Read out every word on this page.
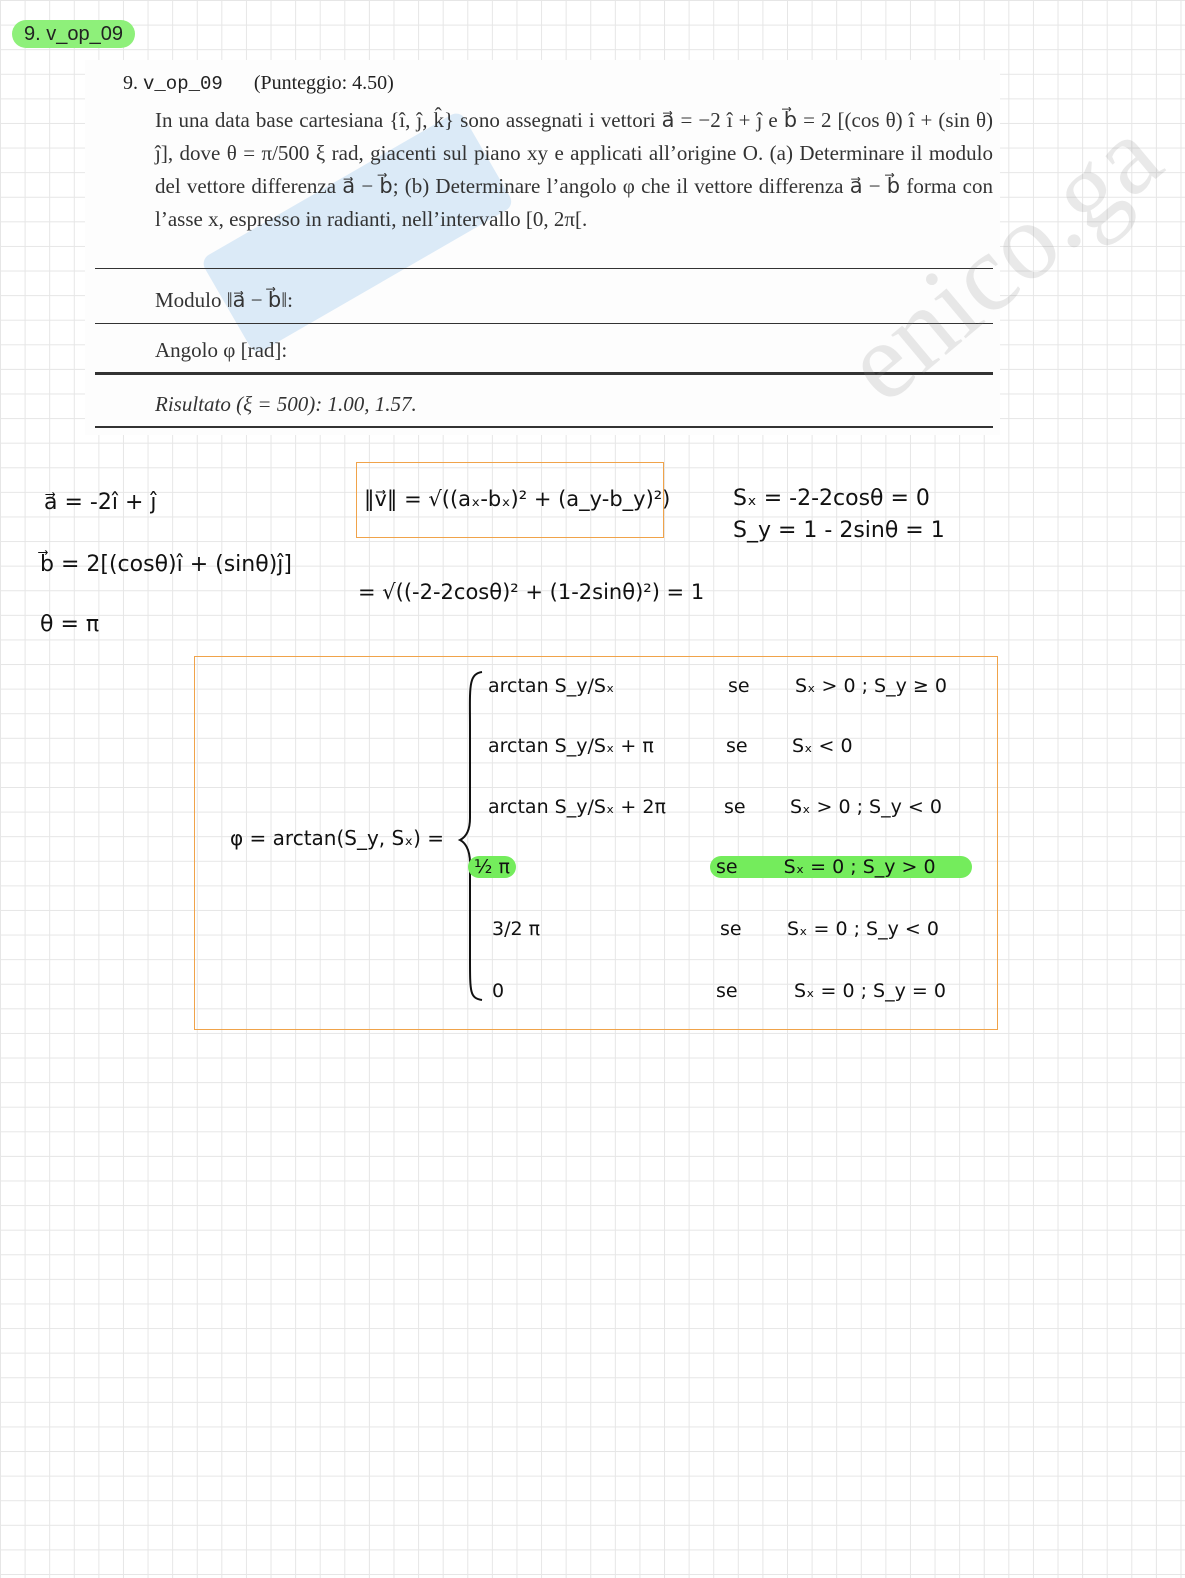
9. v_op_09
9. v_op_09 (Punteggio: 4.50)
In una data base cartesiana {î, ĵ, k̂} sono assegnati i vettori a⃗ = −2 î + ĵ e b⃗ = 2 [(cos θ) î + (sin θ) ĵ], dove θ = π/500 ξ rad, giacenti sul piano xy e applicati all’origine O. (a) Determinare il modulo del vettore differenza a⃗ − b⃗; (b) Determinare l’angolo φ che il vettore differenza a⃗ − b⃗ forma con l’asse x, espresso in radianti, nell’intervallo [0, 2π[.
Modulo ‖a⃗ − b⃗‖:
Angolo φ [rad]:
Risultato (ξ = 500): 1.00, 1.57.	enico.ga
a⃗ = -2î + ĵ
b⃗ = 2[(cosθ)î + (sinθ)ĵ]
θ = π
‖v⃗‖ = √((aₓ-bₓ)² + (a_y-b_y)²)
= √((-2-2cosθ)² + (1-2sinθ)²) = 1
Sₓ = -2-2cosθ = 0
S_y = 1 - 2sinθ = 1
φ = arctan(S_y, Sₓ) =
arctan S_y/Sₓ	se Sₓ > 0 ; S_y ≥ 0
arctan S_y/Sₓ + π	se Sₓ < 0
arctan S_y/Sₓ + 2π	se Sₓ > 0 ; S_y < 0
½ π	se Sₓ = 0 ; S_y > 0
3/2 π	se Sₓ = 0 ; S_y < 0
0	se	Sₓ = 0 ; S_y = 0
